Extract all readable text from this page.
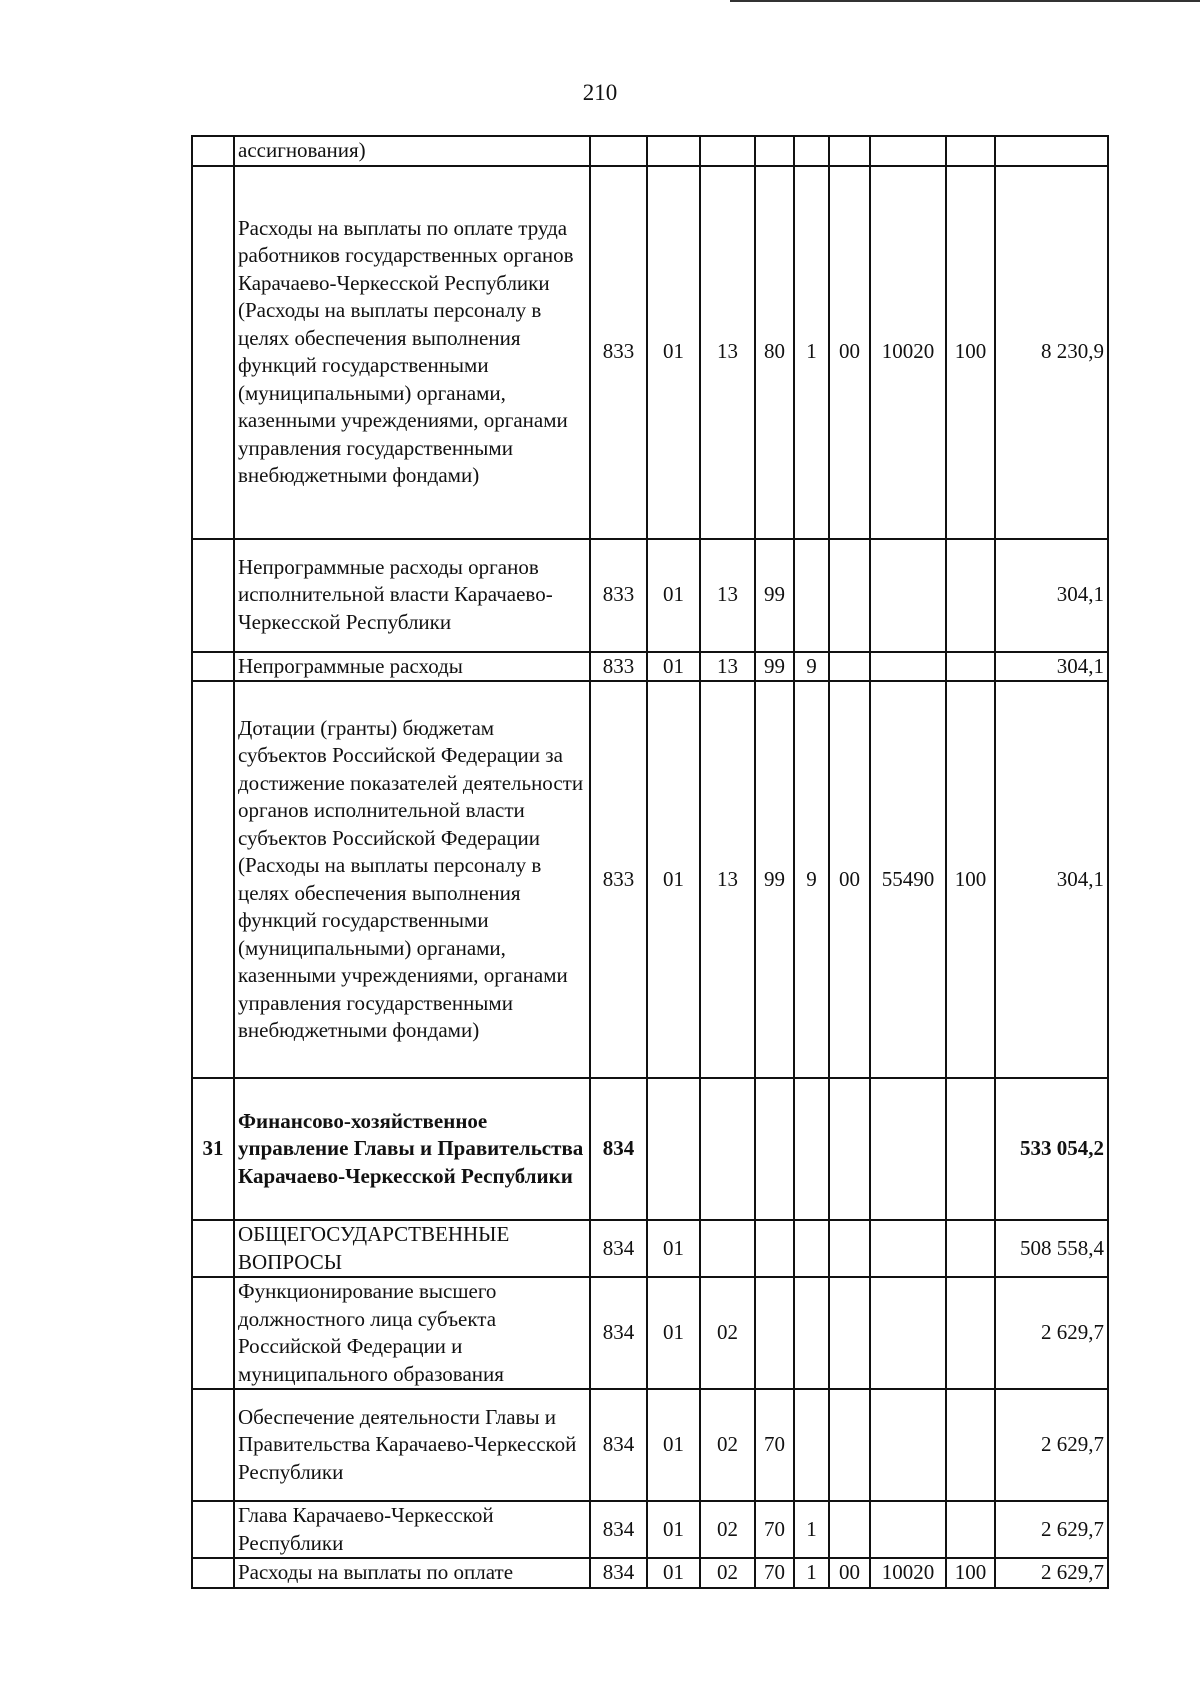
210
	ассигнования)									
	Расходы на выплаты по оплате труда работников государственных органов Карачаево-Черкесской Республики (Расходы на выплаты персоналу в целях обеспечения выполнения функций государственными (муниципальными) органами, казенными учреждениями, органами управления государственными внебюджетными фондами)	833	01	13	80	1	00	10020	100	8 230,9
	Непрограммные расходы органов исполнительной власти Карачаево-Черкесской Республики	833	01	13	99					304,1
	Непрограммные расходы	833	01	13	99	9				304,1
	Дотации (гранты) бюджетам субъектов Российской Федерации за достижение показателей деятельности органов исполнительной власти субъектов Российской Федерации (Расходы на выплаты персоналу в целях обеспечения выполнения функций государственными (муниципальными) органами, казенными учреждениями, органами управления государственными внебюджетными фондами)	833	01	13	99	9	00	55490	100	304,1
31	Финансово-хозяйственное управление Главы и Правительства Карачаево-Черкесской Республики	834								533 054,2
	ОБЩЕГОСУДАРСТВЕННЫЕ ВОПРОСЫ	834	01							508 558,4
	Функционирование высшего должностного лица субъекта Российской Федерации и муниципального образования	834	01	02						2 629,7
	Обеспечение деятельности Главы и Правительства Карачаево-Черкесской Республики	834	01	02	70					2 629,7
	Глава Карачаево-Черкесской Республики	834	01	02	70	1				2 629,7
	Расходы на выплаты по оплате	834	01	02	70	1	00	10020	100	2 629,7
